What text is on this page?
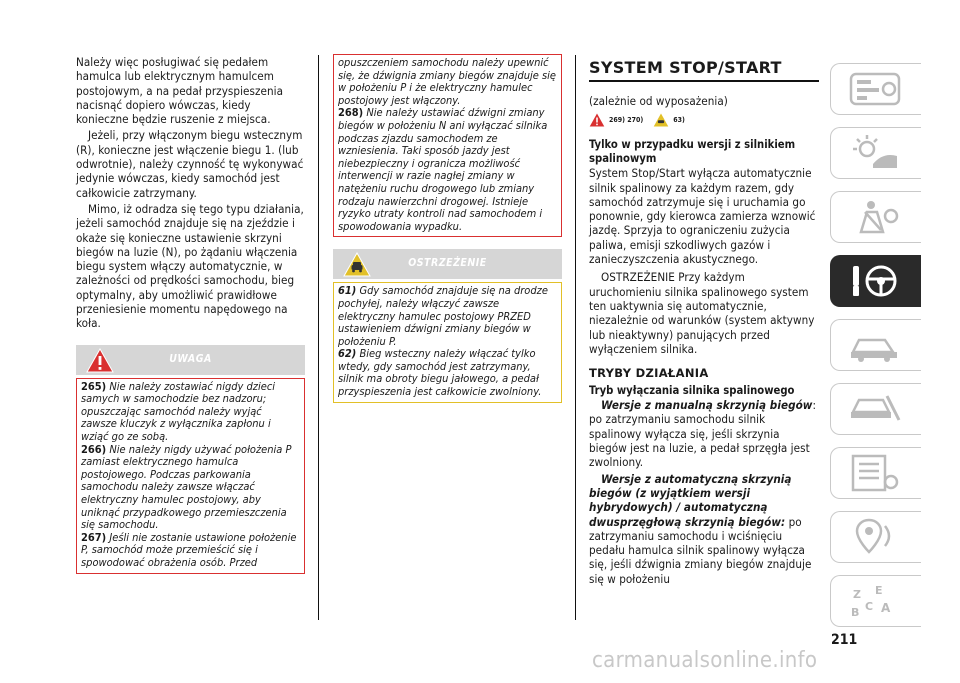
Należy więc posługiwać się pedałem hamulca lub elektrycznym hamulcem postojowym, a na pedał przyspieszenia nacisnąć dopiero wówczas, kiedy konieczne będzie ruszenie z miejsca.

Jeżeli, przy włączonym biegu wstecznym (R), konieczne jest włączenie biegu 1. (lub odwrotnie), należy czynność tę wykonywać jedynie wówczas, kiedy samochód jest całkowicie zatrzymany.

Mimo, iż odradza się tego typu działania, jeżeli samochód znajduje się na zjeździe i okaże się konieczne ustawienie skrzyni biegów na luzie (N), po żądaniu włączenia biegu system włączy automatycznie, w zależności od prędkości samochodu, bieg optymalny, aby umożliwić prawidłowe przeniesienie momentu napędowego na koła.

UWAGA

265) Nie należy zostawiać nigdy dzieci samych w samochodzie bez nadzoru; opuszczając samochód należy wyjąć zawsze kluczyk z wyłącznika zapłonu i wziąć go ze sobą.

266) Nie należy nigdy używać położenia P zamiast elektrycznego hamulca postojowego. Podczas parkowania samochodu należy zawsze włączać elektryczny hamulec postojowy, aby uniknąć przypadkowego przemieszczenia się samochodu.

267) Jeśli nie zostanie ustawione położenie P, samochód może przemieścić się i spowodować obrażenia osób. Przed

opuszczeniem samochodu należy upewnić się, że dźwignia zmiany biegów znajduje się w położeniu P i że elektryczny hamulec postojowy jest włączony.

268) Nie należy ustawiać dźwigni zmiany biegów w położeniu N ani wyłączać silnika podczas zjazdu samochodem ze wzniesienia. Taki sposób jazdy jest niebezpieczny i ogranicza możliwość interwencji w razie nagłej zmiany w natężeniu ruchu drogowego lub zmiany rodzaju nawierzchni drogowej. Istnieje ryzyko utraty kontroli nad samochodem i spowodowania wypadku.

OSTRZEŻENIE

61) Gdy samochód znajduje się na drodze pochyłej, należy włączyć zawsze elektryczny hamulec postojowy PRZED ustawieniem dźwigni zmiany biegów w położeniu P.

62) Bieg wsteczny należy włączać tylko wtedy, gdy samochód jest zatrzymany, silnik ma obroty biegu jałowego, a pedał przyspieszenia jest całkowicie zwolniony.

SYSTEM STOP/START

(zależnie od wyposażenia)

269) 270)	63)

Tylko w przypadku wersji z silnikiem spalinowym

System Stop/Start wyłącza automatycznie silnik spalinowy za każdym razem, gdy samochód zatrzymuje się i uruchamia go ponownie, gdy kierowca zamierza wznowić jazdę. Sprzyja to ograniczeniu zużycia paliwa, emisji szkodliwych gazów i zanieczyszczenia akustycznego.

OSTRZEŻENIE Przy każdym uruchomieniu silnika spalinowego system ten uaktywnia się automatycznie, niezależnie od warunków (system aktywny lub nieaktywny) panujących przed wyłączeniem silnika.

TRYBY DZIAŁANIA

Tryb wyłączania silnika spalinowego

Wersje z manualną skrzynią biegów: po zatrzymaniu samochodu silnik spalinowy wyłącza się, jeśli skrzynia biegów jest na luzie, a pedał sprzęgła jest zwolniony.

Wersje z automatyczną skrzynią biegów (z wyjątkiem wersji hybrydowych) / automatyczną dwusprzęgłową skrzynią biegów: po zatrzymaniu samochodu i wciśnięciu pedału hamulca silnik spalinowy wyłącza się, jeśli dźwignia zmiany biegów znajduje się w położeniu

Z E
B C A
211
carmanualsonline.info
